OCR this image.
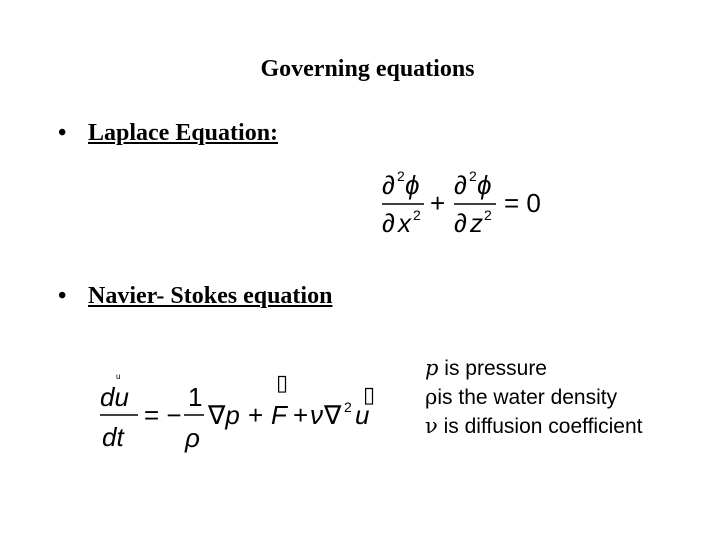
Governing equations
• Laplace Equation:
∂ 2 ϕ
∂ x 2 +
∂ 2 ϕ
∂ z 2 = 0
• Navier- Stokes equation
ᵘ
du
dt
= −
1
ρ
∇p +
▯
F + ν ∇ 2 ▯
u
p is pressure
ρis the water density
ν is diffusion coefficient
